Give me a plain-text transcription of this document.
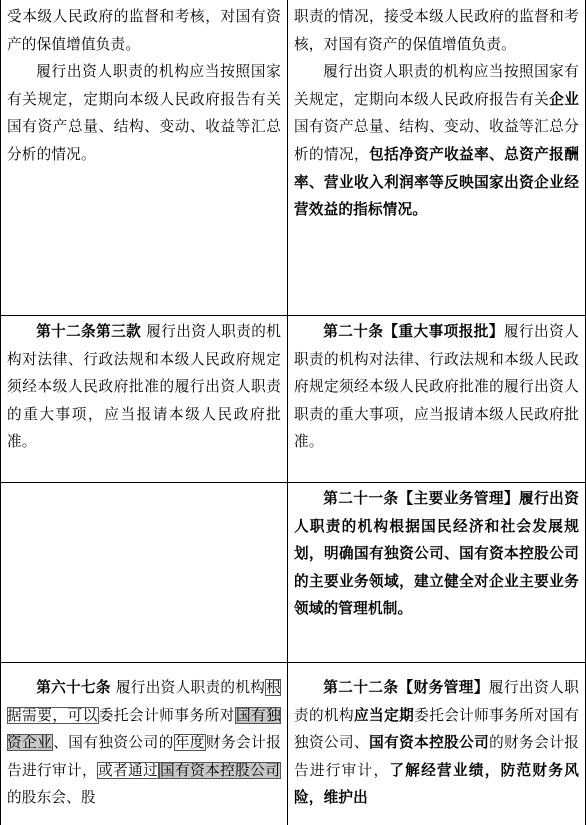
受本级人民政府的监督和考核，对国有资产的保值增值负责。

履行出资人职责的机构应当按照国家有关规定，定期向本级人民政府报告有关国有资产总量、结构、变动、收益等汇总分析的情况。

职责的情况，接受本级人民政府的监督和考核，对国有资产的保值增值负责。

履行出资人职责的机构应当按照国家有关规定，定期向本级人民政府报告有关企业国有资产总量、结构、变动、收益等汇总分析的情况，包括净资产收益率、总资产报酬率、营业收入利润率等反映国家出资企业经营效益的指标情况。

第十二条第三款 履行出资人职责的机构对法律、行政法规和本级人民政府规定须经本级人民政府批准的履行出资人职责的重大事项，应当报请本级人民政府批准。

第二十条【重大事项报批】履行出资人职责的机构对法律、行政法规和本级人民政府规定须经本级人民政府批准的履行出资人职责的重大事项，应当报请本级人民政府批准。

第二十一条【主要业务管理】履行出资人职责的机构根据国民经济和社会发展规划，明确国有独资公司、国有资本控股公司的主要业务领域，建立健全对企业主要业务领域的管理机制。

第六十七条 履行出资人职责的机构根据需要，可以委托会计师事务所对国有独资企业、国有独资公司的年度财务会计报告进行审计，或者通过 国有资本控股公司的股东会、股

第二十二条【财务管理】履行出资人职责的机构应当定期委托会计师事务所对国有独资公司、国有资本控股公司的财务会计报告进行审计，了解经营业绩，防范财务风险，维护出
